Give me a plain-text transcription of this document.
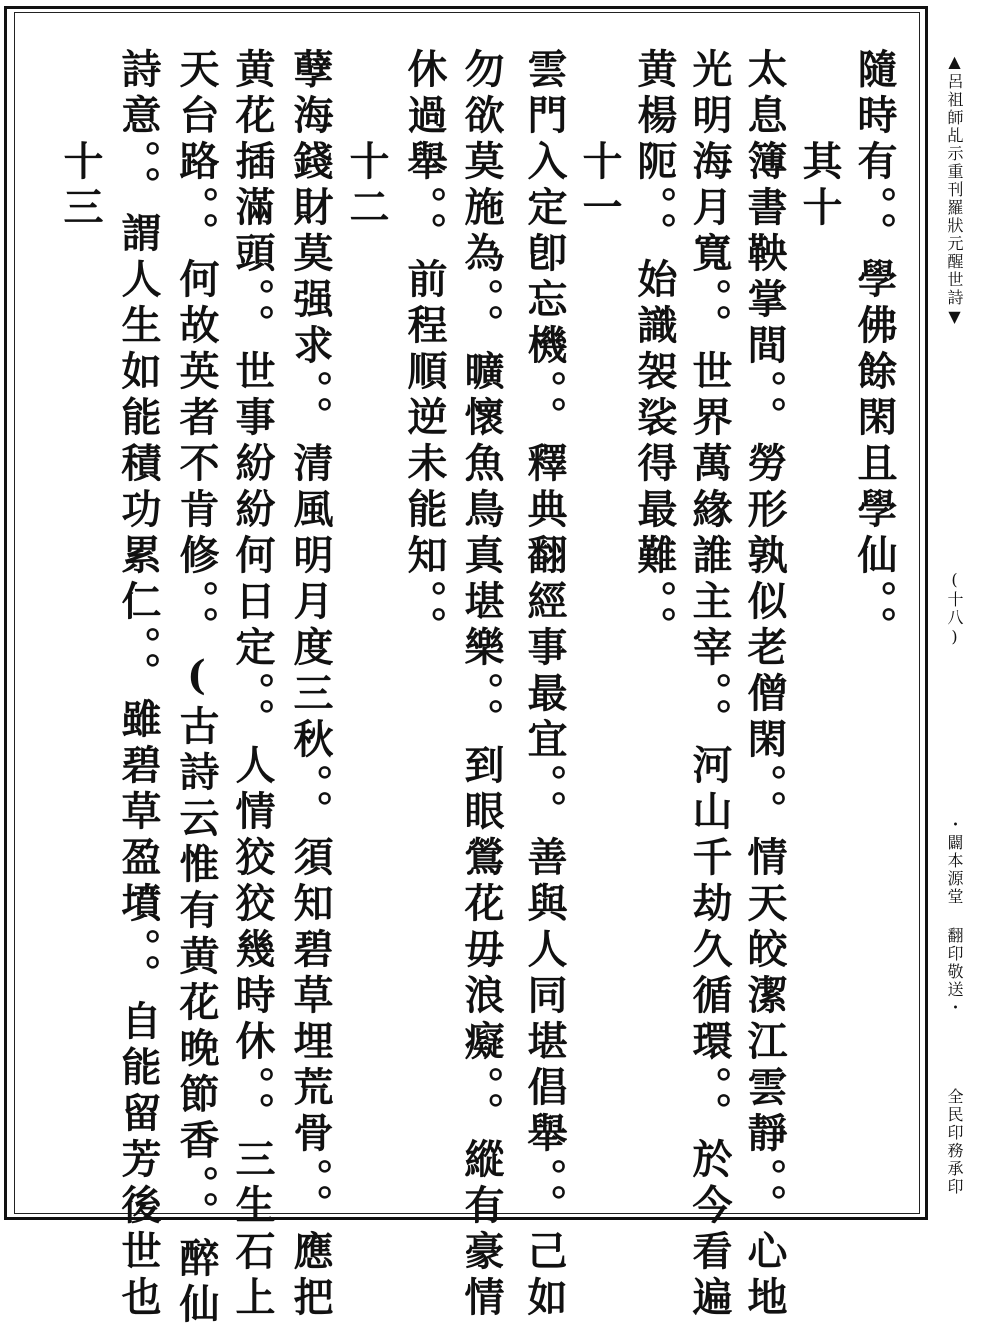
隨時有。。學佛餘閑且學仙。。
　　其十
太息簿書鞅掌間。。勞形孰似老僧閑。。情天皎潔江雲靜。。心地
光明海月寬。。世界萬緣誰主宰。。河山千劫久循環。。於今看遍
黄楊阨。。始識袈裟得最難。。
　　十一
雲門入定卽忘機。。釋典翻經事最宜。。善與人同堪倡舉。。己如
勿欲莫施為。。曠懷魚鳥真堪樂。。到眼鶯花毋浪癡。。縱有豪情
休過舉。。前程順逆未能知。。
　　十二
孽海錢財莫强求。。清風明月度三秋。。須知碧草埋荒骨。。應把
黄花插滿頭。。世事紛紛何日定。。人情狡狡幾時休。。三生石上
天台路。。何故英者不肯修。。(古詩云惟有黄花晚節香。。醉仙
詩意。。謂人生如能積功累仁。。雖碧草盈墳。。自能留芳後世也
　　十三	▲呂祖師乩示重刊羅狀元醒世詩▼
(十八)
・闢本源堂 翻印敬送・
全民印務承印
